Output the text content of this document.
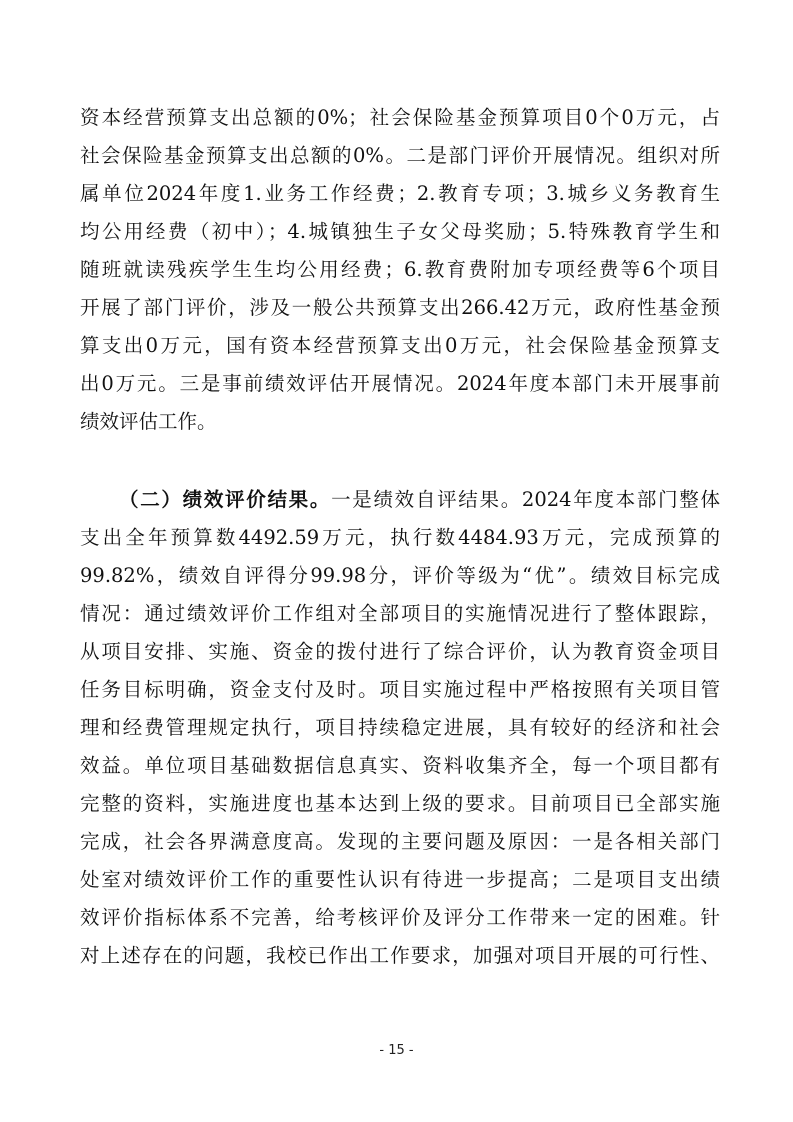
资本经营预算支出总额的0%；社会保险基金预算项目0个0万元，占
社会保险基金预算支出总额的0%。二是部门评价开展情况。组织对所
属单位2024年度1.业务工作经费；2.教育专项；3.城乡义务教育生
均公用经费（初中）；4.城镇独生子女父母奖励；5.特殊教育学生和
随班就读残疾学生生均公用经费；6.教育费附加专项经费等6个项目
开展了部门评价，涉及一般公共预算支出266.42万元，政府性基金预
算支出0万元，国有资本经营预算支出0万元，社会保险基金预算支
出0万元。三是事前绩效评估开展情况。2024年度本部门未开展事前
绩效评估工作。
（二）绩效评价结果。一是绩效自评结果。2024年度本部门整体
支出全年预算数4492.59万元，执行数4484.93万元，完成预算的
99.82%，绩效自评得分99.98分，评价等级为“优”。绩效目标完成
情况：通过绩效评价工作组对全部项目的实施情况进行了整体跟踪，
从项目安排、实施、资金的拨付进行了综合评价，认为教育资金项目
任务目标明确，资金支付及时。项目实施过程中严格按照有关项目管
理和经费管理规定执行，项目持续稳定进展，具有较好的经济和社会
效益。单位项目基础数据信息真实、资料收集齐全，每一个项目都有
完整的资料，实施进度也基本达到上级的要求。目前项目已全部实施
完成，社会各界满意度高。发现的主要问题及原因：一是各相关部门
处室对绩效评价工作的重要性认识有待进一步提高；二是项目支出绩
效评价指标体系不完善，给考核评价及评分工作带来一定的困难。针
对上述存在的问题，我校已作出工作要求，加强对项目开展的可行性、
- 15 -
